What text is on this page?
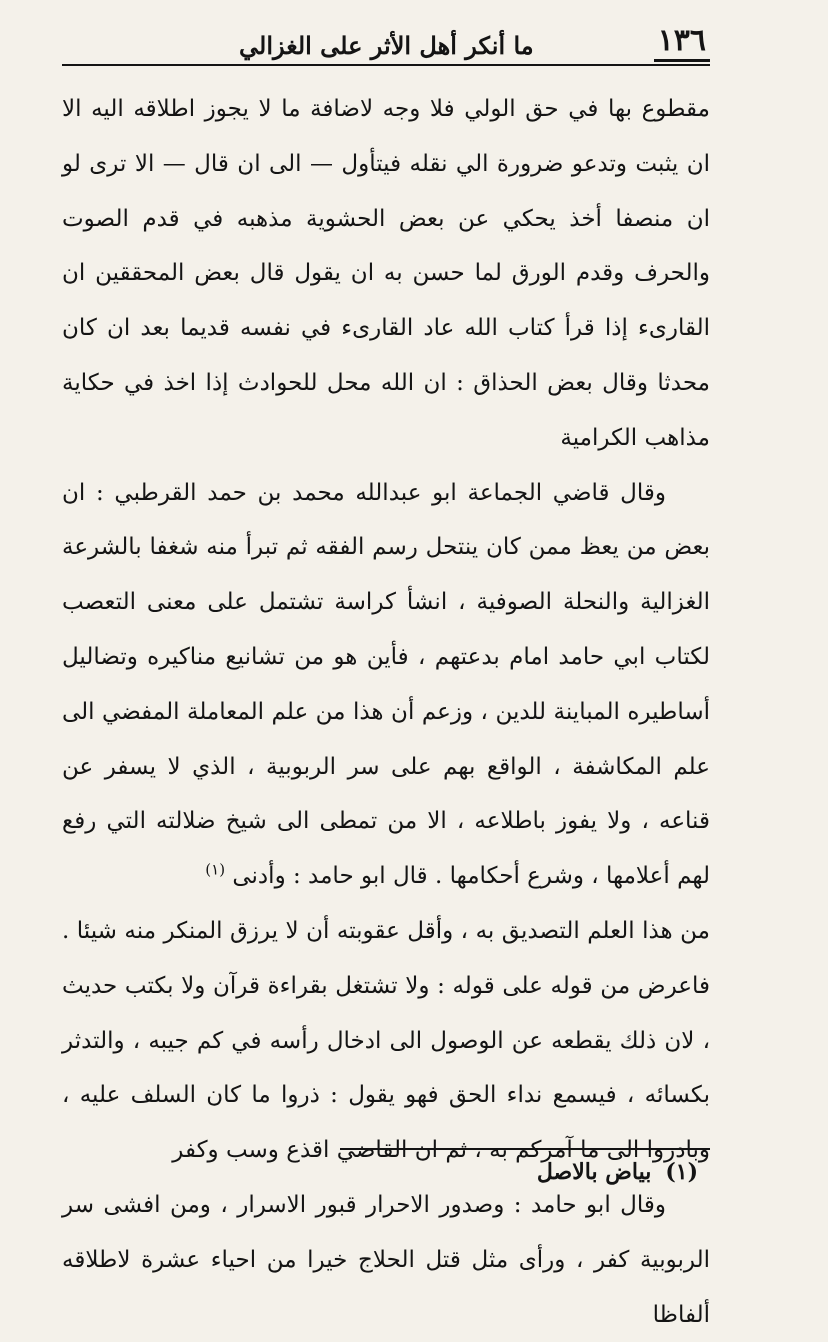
١٣٦
ما أنكر أهل الأثر على الغزالي

مقطوع بها في حق الولي فلا وجه لاضافة ما لا يجوز اطلاقه اليه الا ان يثبت وتدعو ضرورة الي نقله فيتأول — الى ان قال — الا ترى لو ان منصفا أخذ يحكي عن بعض الحشوية مذهبه في قدم الصوت والحرف وقدم الورق لما حسن به ان يقول قال بعض المحققين ان القارىء إذا قرأ كتاب الله عاد القارىء في نفسه قديما بعد ان كان محدثا وقال بعض الحذاق : ان الله محل للحوادث إذا اخذ في حكاية مذاهب الكرامية

وقال قاضي الجماعة ابو عبدالله محمد بن حمد القرطبي : ان بعض من يعظ ممن كان ينتحل رسم الفقه ثم تبرأ منه شغفا بالشرعة الغزالية والنحلة الصوفية ، انشأ كراسة تشتمل على معنى التعصب لكتاب ابي حامد امام بدعتهم ، فأين هو من تشانيع مناكيره وتضاليل أساطيره المباينة للدين ، وزعم أن هذا من علم المعاملة المفضي الى علم المكاشفة ، الواقع بهم على سر الربوبية ، الذي لا يسفر عن قناعه ، ولا يفوز باطلاعه ، الا من تمطى الى شيخ ضلالته التي رفع لهم أعلامها ، وشرع أحكامها . قال ابو حامد : وأدنى $^{(١)}$

من هذا العلم التصديق به ، وأقل عقوبته أن لا يرزق المنكر منه شيئا . فاعرض من قوله على قوله : ولا تشتغل بقراءة قرآن ولا بكتب حديث ، لان ذلك يقطعه عن الوصول الى ادخال رأسه في كم جيبه ، والتدثر بكسائه ، فيسمع نداء الحق فهو يقول : ذروا ما كان السلف عليه ، وبادروا الى ما آمركم به ، ثم ان القاضي اقذع وسب وكفر

وقال ابو حامد : وصدور الاحرار قبور الاسرار ، ومن افشى سر الربوبية كفر ، ورأى مثل قتل الحلاج خيرا من احياء عشرة لاطلاقه ألفاظا

(١)بياض بالاصل
